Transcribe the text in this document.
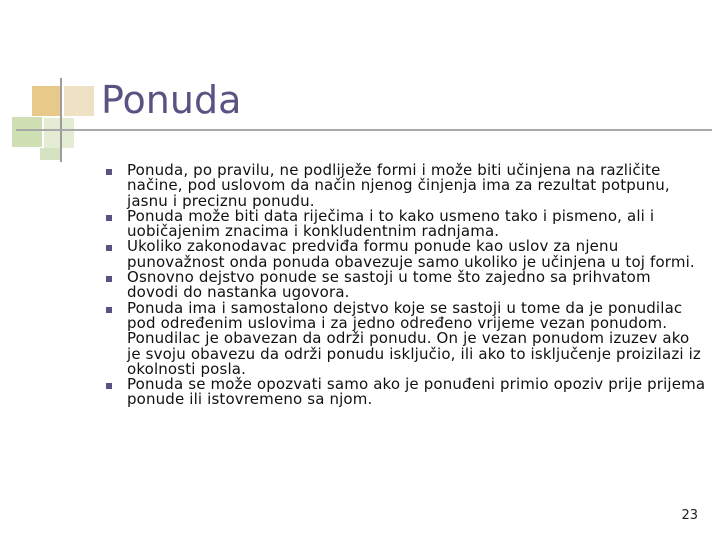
Ponuda
Ponuda, po pravilu, ne podliježe formi i može biti učinjena na različite načine, pod uslovom da način njenog činjenja ima za rezultat potpunu, jasnu i preciznu ponudu.
Ponuda može biti data riječima i to kako usmeno tako i pismeno, ali i uobičajenim znacima i konkludentnim radnjama.
Ukoliko zakonodavac predviđa formu ponude kao uslov za njenu punovažnost onda ponuda obavezuje samo ukoliko je učinjena u toj formi.
Osnovno dejstvo ponude se sastoji u tome što zajedno sa prihvatom dovodi do nastanka ugovora.
Ponuda ima i samostalono dejstvo koje se sastoji u tome da je ponudilac pod određenim uslovima i za jedno određeno vrijeme vezan ponudom. Ponudilac je obavezan da održi ponudu. On je vezan ponudom izuzev ako je svoju obavezu da održi ponudu isključio, ili ako to isključenje proizilazi iz okolnosti posla.
Ponuda se može opozvati samo ako je ponuđeni primio opoziv prije prijema ponude ili istovremeno sa njom.
23
